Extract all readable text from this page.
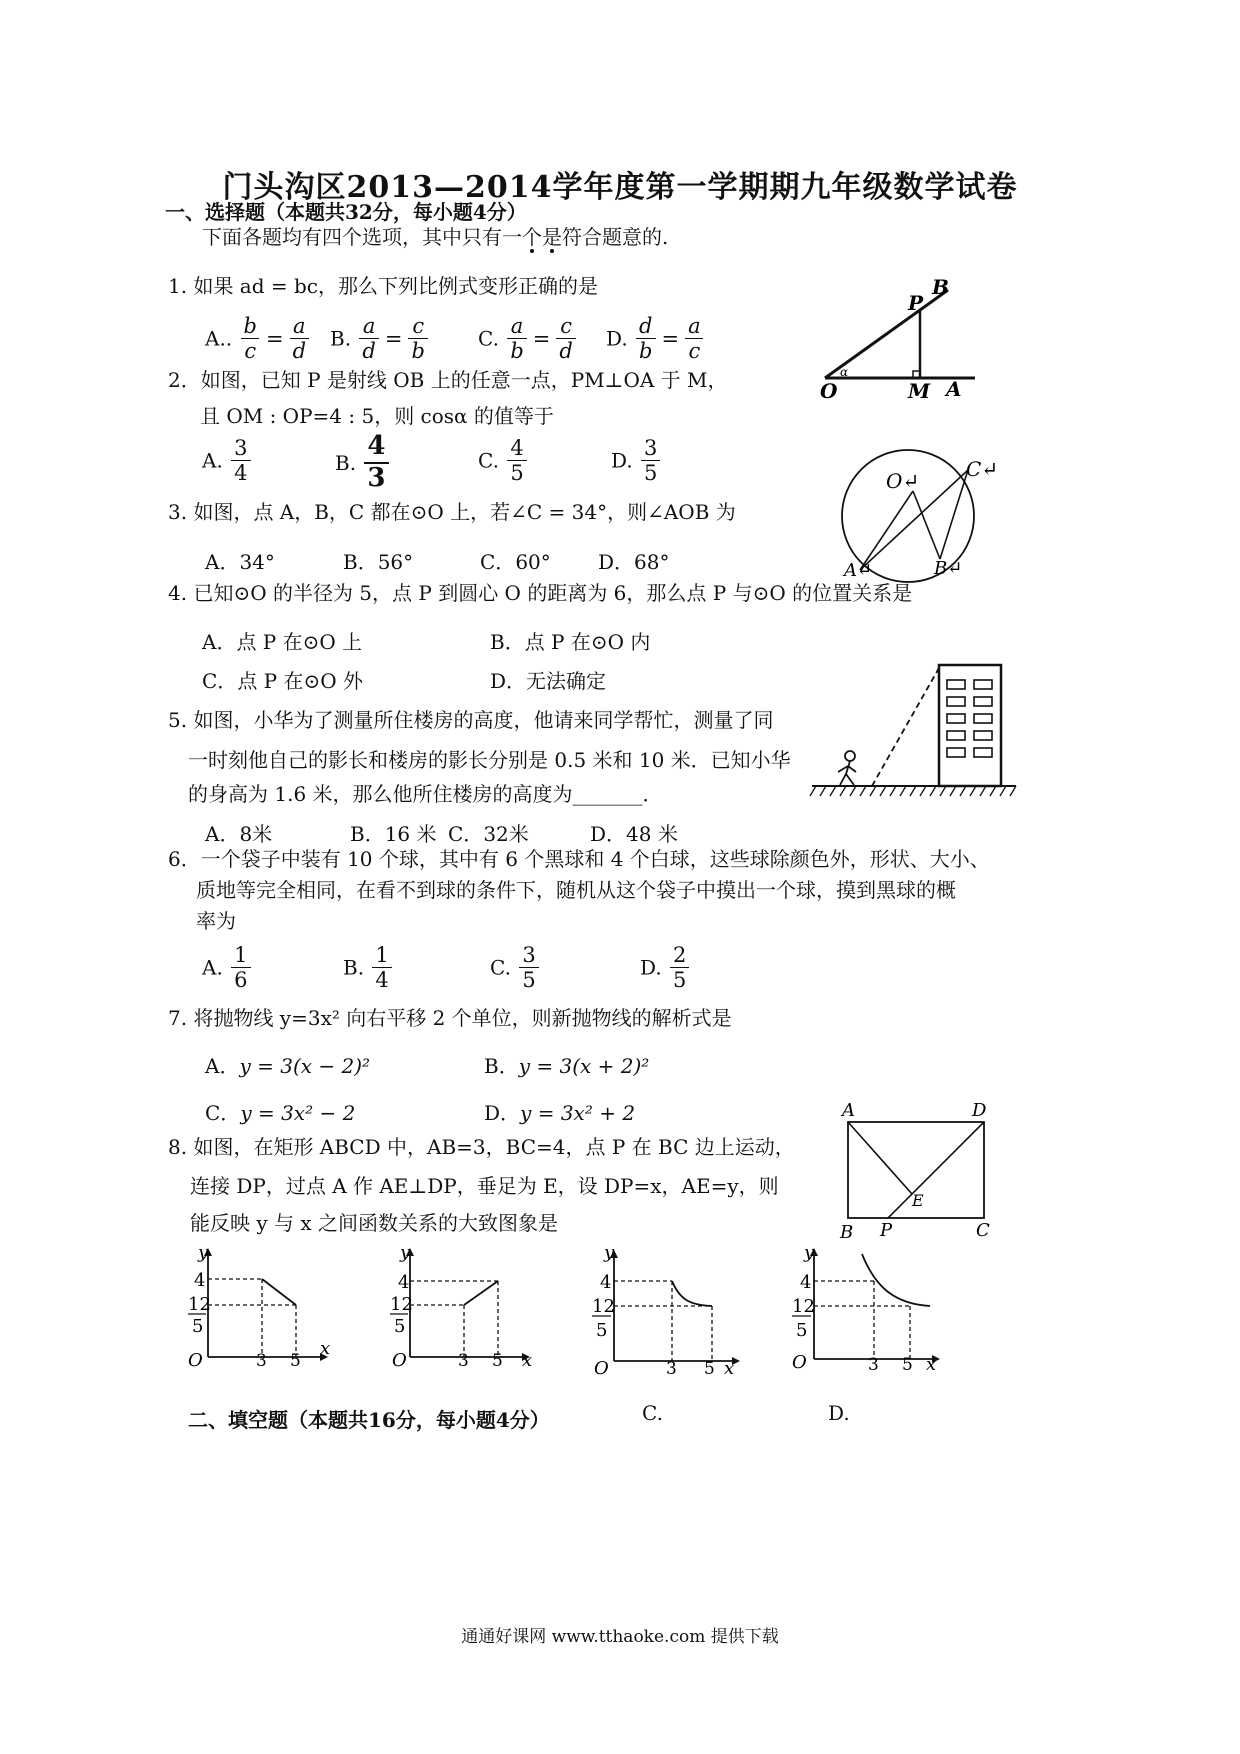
门头沟区2013—2014学年度第一学期期九年级数学试卷
一、选择题（本题共32分，每小题4分）
下面各题均有四个选项，其中只有一个是符合题意的.
1. 如果 ad = bc，那么下列比例式变形正确的是
A.. $\frac{b}{c} = \frac{a}{d} B$. $\frac{a}{d} = \frac{c}{b}$	C. $\frac{a}{b} = \frac{c}{d} D$. $\frac{d}{b} = \frac{a}{c}$
O	M A
P
B
α
2．如图，已知 P 是射线 OB 上的任意一点，PM⊥OA 于 M，
且 OM : OP=4 : 5，则 cosα 的值等于
A. $\frac{3}{4}$	B. $\frac{4}{3}$	C. $\frac{4}{5}$	D. $\frac{3}{5}$	O↵ C↵
A↵	B↵
3. 如图，点 A，B，C 都在⊙O 上，若∠C = 34°，则∠AOB 为
A．34°	B．56°	C．60° D．68°
4. 已知⊙O 的半径为 5，点 P 到圆心 O 的距离为 6，那么点 P 与⊙O 的位置关系是
A．点 P 在⊙O 上	B．点 P 在⊙O 内
C．点 P 在⊙O 外	D．无法确定
5. 如图，小华为了测量所住楼房的高度，他请来同学帮忙，测量了同
一时刻他自己的影长和楼房的影长分别是 0.5 米和 10 米．已知小华
的身高为 1.6 米，那么他所住楼房的高度为_______．
A．8米	B．16 米 C．32米	D．48 米
6．一个袋子中装有 10 个球，其中有 6 个黑球和 4 个白球，这些球除颜色外，形状、大小、
质地等完全相同，在看不到球的条件下，随机从这个袋子中摸出一个球，摸到黑球的概
率为
A. $\frac{1}{6}$	B. $\frac{1}{4}$	C. $\frac{3}{5}$	D. $\frac{2}{5}$
7. 将抛物线 y=3x² 向右平移 2 个单位，则新抛物线的解析式是
A．y = 3(x − 2)²	B．y = 3(x + 2)²
C．y = 3x² − 2	D．y = 3x² + 2	A	D
B P	C
E
8. 如图，在矩形 ABCD 中，AB=3，BC=4，点 P 在 BC 边上运动，
连接 DP，过点 A 作 AE⊥DP，垂足为 E，设 DP=x，AE=y，则
能反映 y 与 x 之间函数关系的大致图象是
y
x
O
4
12
5
3 5
y
x
O
4
12
5
3 5
y
x
O
4
12
5
3 5
y
x
O
4
12
5
3 5
C.	D.
二、填空题（本题共16分，每小题4分）
通通好课网 www.tthaoke.com 提供下载
